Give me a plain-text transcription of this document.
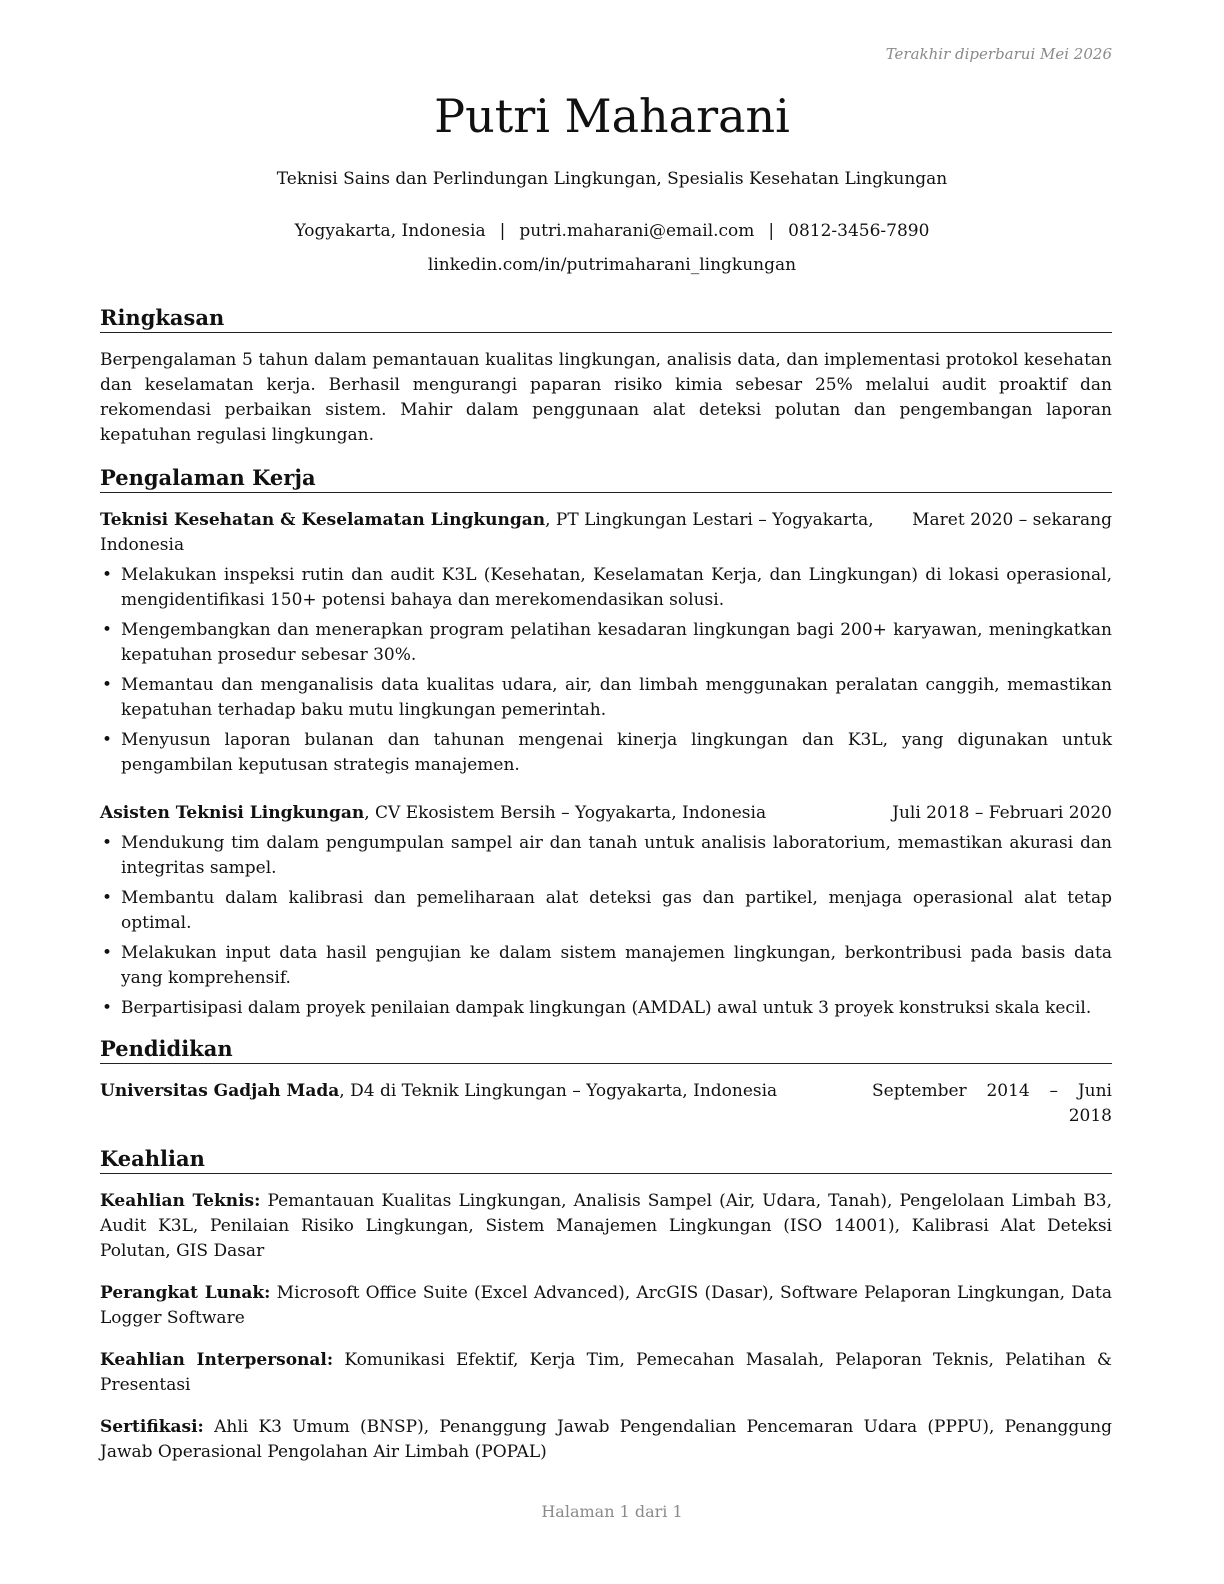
Terakhir diperbarui Mei 2026
Putri Maharani
Teknisi Sains dan Perlindungan Lingkungan, Spesialis Kesehatan Lingkungan
Yogyakarta, Indonesia | putri.maharani@email.com | 0812-3456-7890
linkedin.com/in/putrimaharani_lingkungan
Ringkasan

Berpengalaman 5 tahun dalam pemantauan kualitas lingkungan, analisis data, dan implementasi protokol kesehatan dan keselamatan kerja. Berhasil mengurangi paparan risiko kimia sebesar 25% melalui audit proaktif dan rekomendasi perbaikan sistem. Mahir dalam penggunaan alat deteksi polutan dan pengembangan laporan kepatuhan regulasi lingkungan.

Pengalaman Kerja
Teknisi Kesehatan & Keselamatan Lingkungan, PT Lingkungan Lestari – Yogyakarta, Indonesia
Maret 2020 – sekarang
• Melakukan inspeksi rutin dan audit K3L (Kesehatan, Keselamatan Kerja, dan Lingkungan) di lokasi operasional, mengidentifikasi 150+ potensi bahaya dan merekomendasikan solusi.
• Mengembangkan dan menerapkan program pelatihan kesadaran lingkungan bagi 200+ karyawan, meningkatkan kepatuhan prosedur sebesar 30%.
• Memantau dan menganalisis data kualitas udara, air, dan limbah menggunakan peralatan canggih, memastikan kepatuhan terhadap baku mutu lingkungan pemerintah.
• Menyusun laporan bulanan dan tahunan mengenai kinerja lingkungan dan K3L, yang digunakan untuk pengambilan keputusan strategis manajemen.
Asisten Teknisi Lingkungan, CV Ekosistem Bersih – Yogyakarta, Indonesia	Juli 2018 – Februari 2020
• Mendukung tim dalam pengumpulan sampel air dan tanah untuk analisis laboratorium, memastikan akurasi dan integritas sampel.
• Membantu dalam kalibrasi dan pemeliharaan alat deteksi gas dan partikel, menjaga operasional alat tetap optimal.
• Melakukan input data hasil pengujian ke dalam sistem manajemen lingkungan, berkontribusi pada basis data yang komprehensif.
• Berpartisipasi dalam proyek penilaian dampak lingkungan (AMDAL) awal untuk 3 proyek konstruksi skala kecil.
Pendidikan
Universitas Gadjah Mada, D4 di Teknik Lingkungan – Yogyakarta, Indonesia	September 2014 – Juni 2018
Keahlian

Keahlian Teknis: Pemantauan Kualitas Lingkungan, Analisis Sampel (Air, Udara, Tanah), Pengelolaan Limbah B3, Audit K3L, Penilaian Risiko Lingkungan, Sistem Manajemen Lingkungan (ISO 14001), Kalibrasi Alat Deteksi Polutan, GIS Dasar

Perangkat Lunak: Microsoft Office Suite (Excel Advanced), ArcGIS (Dasar), Software Pelaporan Lingkungan, Data Logger Software

Keahlian Interpersonal: Komunikasi Efektif, Kerja Tim, Pemecahan Masalah, Pelaporan Teknis, Pelatihan & Presentasi

Sertifikasi: Ahli K3 Umum (BNSP), Penanggung Jawab Pengendalian Pencemaran Udara (PPPU), Penanggung Jawab Operasional Pengolahan Air Limbah (POPAL)

Halaman 1 dari 1
